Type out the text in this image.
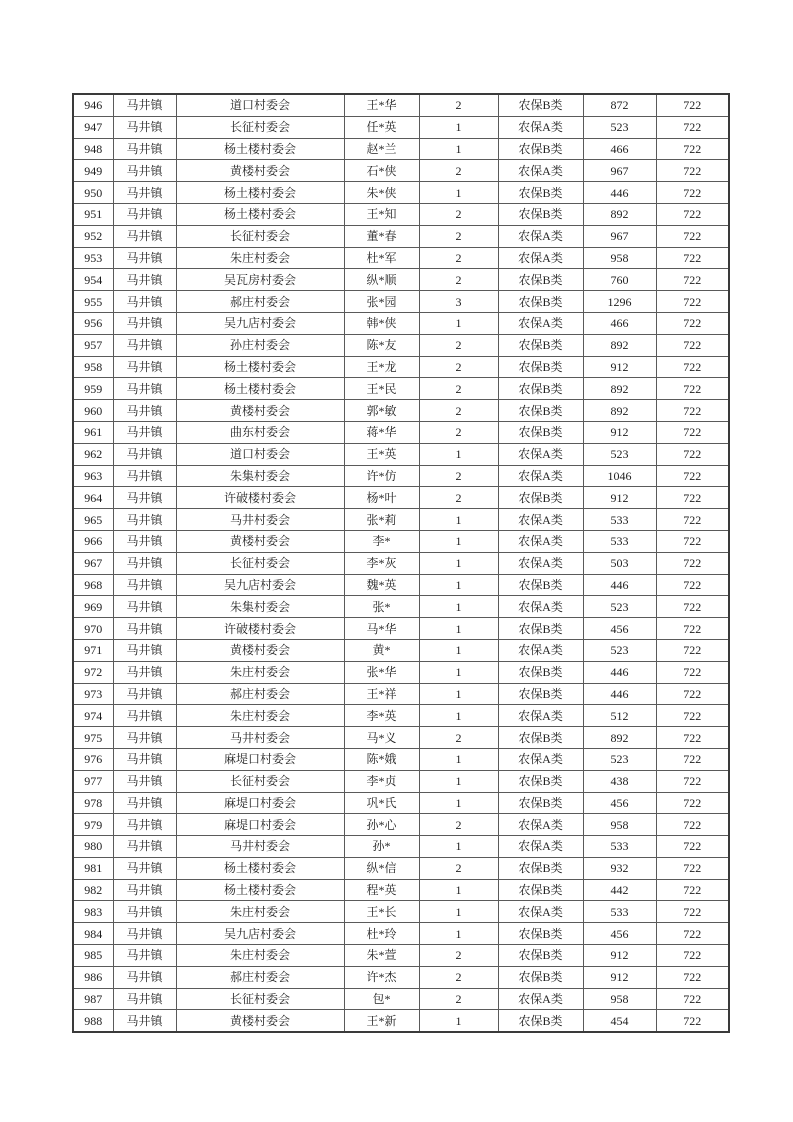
946	马井镇	道口村委会	王*华	2	农保B类	872	722
947	马井镇	长征村委会	任*英	1	农保A类	523	722
948	马井镇	杨土楼村委会	赵*兰	1	农保B类	466	722
949	马井镇	黄楼村委会	石*侠	2	农保A类	967	722
950	马井镇	杨土楼村委会	朱*侠	1	农保B类	446	722
951	马井镇	杨土楼村委会	王*知	2	农保B类	892	722
952	马井镇	长征村委会	董*春	2	农保A类	967	722
953	马井镇	朱庄村委会	杜*军	2	农保A类	958	722
954	马井镇	吴瓦房村委会	纵*顺	2	农保B类	760	722
955	马井镇	郝庄村委会	张*园	3	农保B类	1296	722
956	马井镇	吴九店村委会	韩*侠	1	农保A类	466	722
957	马井镇	孙庄村委会	陈*友	2	农保B类	892	722
958	马井镇	杨土楼村委会	王*龙	2	农保B类	912	722
959	马井镇	杨土楼村委会	王*民	2	农保B类	892	722
960	马井镇	黄楼村委会	郭*敏	2	农保B类	892	722
961	马井镇	曲东村委会	蒋*华	2	农保B类	912	722
962	马井镇	道口村委会	王*英	1	农保A类	523	722
963	马井镇	朱集村委会	许*仿	2	农保A类	1046	722
964	马井镇	许破楼村委会	杨*叶	2	农保B类	912	722
965	马井镇	马井村委会	张*莉	1	农保A类	533	722
966	马井镇	黄楼村委会	李*	1	农保A类	533	722
967	马井镇	长征村委会	李*灰	1	农保A类	503	722
968	马井镇	吴九店村委会	魏*英	1	农保B类	446	722
969	马井镇	朱集村委会	张*	1	农保A类	523	722
970	马井镇	许破楼村委会	马*华	1	农保B类	456	722
971	马井镇	黄楼村委会	黄*	1	农保A类	523	722
972	马井镇	朱庄村委会	张*华	1	农保B类	446	722
973	马井镇	郝庄村委会	王*祥	1	农保B类	446	722
974	马井镇	朱庄村委会	李*英	1	农保A类	512	722
975	马井镇	马井村委会	马*义	2	农保B类	892	722
976	马井镇	麻堤口村委会	陈*娥	1	农保A类	523	722
977	马井镇	长征村委会	李*贞	1	农保B类	438	722
978	马井镇	麻堤口村委会	巩*氏	1	农保B类	456	722
979	马井镇	麻堤口村委会	孙*心	2	农保A类	958	722
980	马井镇	马井村委会	孙*	1	农保A类	533	722
981	马井镇	杨土楼村委会	纵*信	2	农保B类	932	722
982	马井镇	杨土楼村委会	程*英	1	农保B类	442	722
983	马井镇	朱庄村委会	王*长	1	农保A类	533	722
984	马井镇	吴九店村委会	杜*玲	1	农保B类	456	722
985	马井镇	朱庄村委会	朱*萱	2	农保B类	912	722
986	马井镇	郝庄村委会	许*杰	2	农保B类	912	722
987	马井镇	长征村委会	包*	2	农保A类	958	722
988	马井镇	黄楼村委会	王*新	1	农保B类	454	722
